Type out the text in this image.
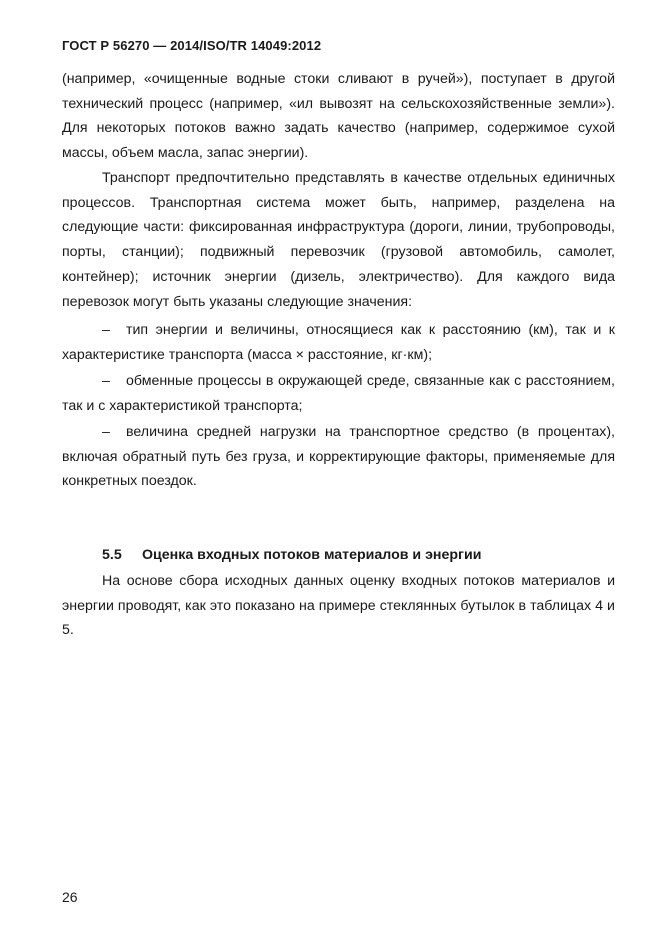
ГОСТ Р 56270 — 2014/ISO/TR 14049:2012
(например, «очищенные водные стоки сливают в ручей»), поступает в другой технический процесс (например, «ил вывозят на сельскохозяйственные земли»). Для некоторых потоков важно задать качество (например, содержимое сухой массы, объем масла, запас энергии).
Транспорт предпочтительно представлять в качестве отдельных единичных процессов. Транспортная система может быть, например, разделена на следующие части: фиксированная инфраструктура (дороги, линии, трубопроводы, порты, станции); подвижный перевозчик (грузовой автомобиль, самолет, контейнер); источник энергии (дизель, электричество). Для каждого вида перевозок могут быть указаны следующие значения:
– тип энергии и величины, относящиеся как к расстоянию (км), так и к характеристике транспорта (масса × расстояние, кг·км);
– обменные процессы в окружающей среде, связанные как с расстоянием, так и с характеристикой транспорта;
– величина средней нагрузки на транспортное средство (в процентах), включая обратный путь без груза, и корректирующие факторы, применяемые для конкретных поездок.
5.5 Оценка входных потоков материалов и энергии
На основе сбора исходных данных оценку входных потоков материалов и энергии проводят, как это показано на примере стеклянных бутылок в таблицах 4 и 5.
26
